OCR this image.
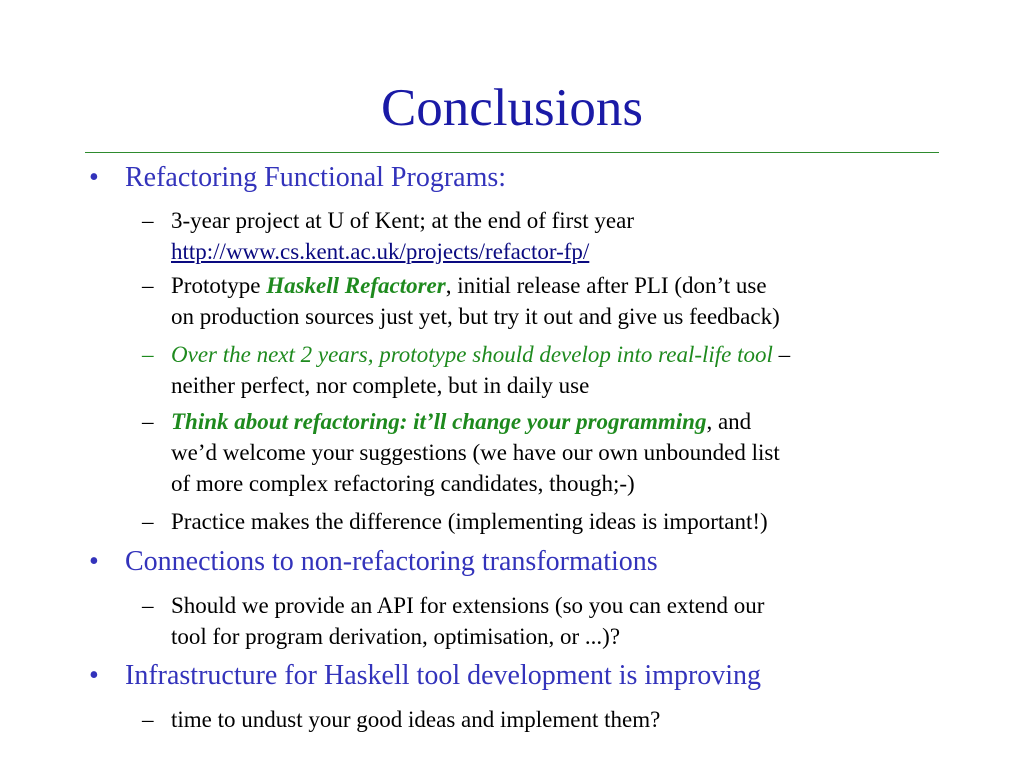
Conclusions
• Refactoring Functional Programs:
– 3-year project at U of Kent; at the end of first year
http://www.cs.kent.ac.uk/projects/refactor-fp/
– Prototype Haskell Refactorer, initial release after PLI (don’t use
on production sources just yet, but try it out and give us feedback)
– Over the next 2 years, prototype should develop into real-life tool –
neither perfect, nor complete, but in daily use
– Think about refactoring: it’ll change your programming, and
we’d welcome your suggestions (we have our own unbounded list
of more complex refactoring candidates, though;-)
– Practice makes the difference (implementing ideas is important!)
• Connections to non-refactoring transformations
– Should we provide an API for extensions (so you can extend our
tool for program derivation, optimisation, or ...)?
• Infrastructure for Haskell tool development is improving
– time to undust your good ideas and implement them?
